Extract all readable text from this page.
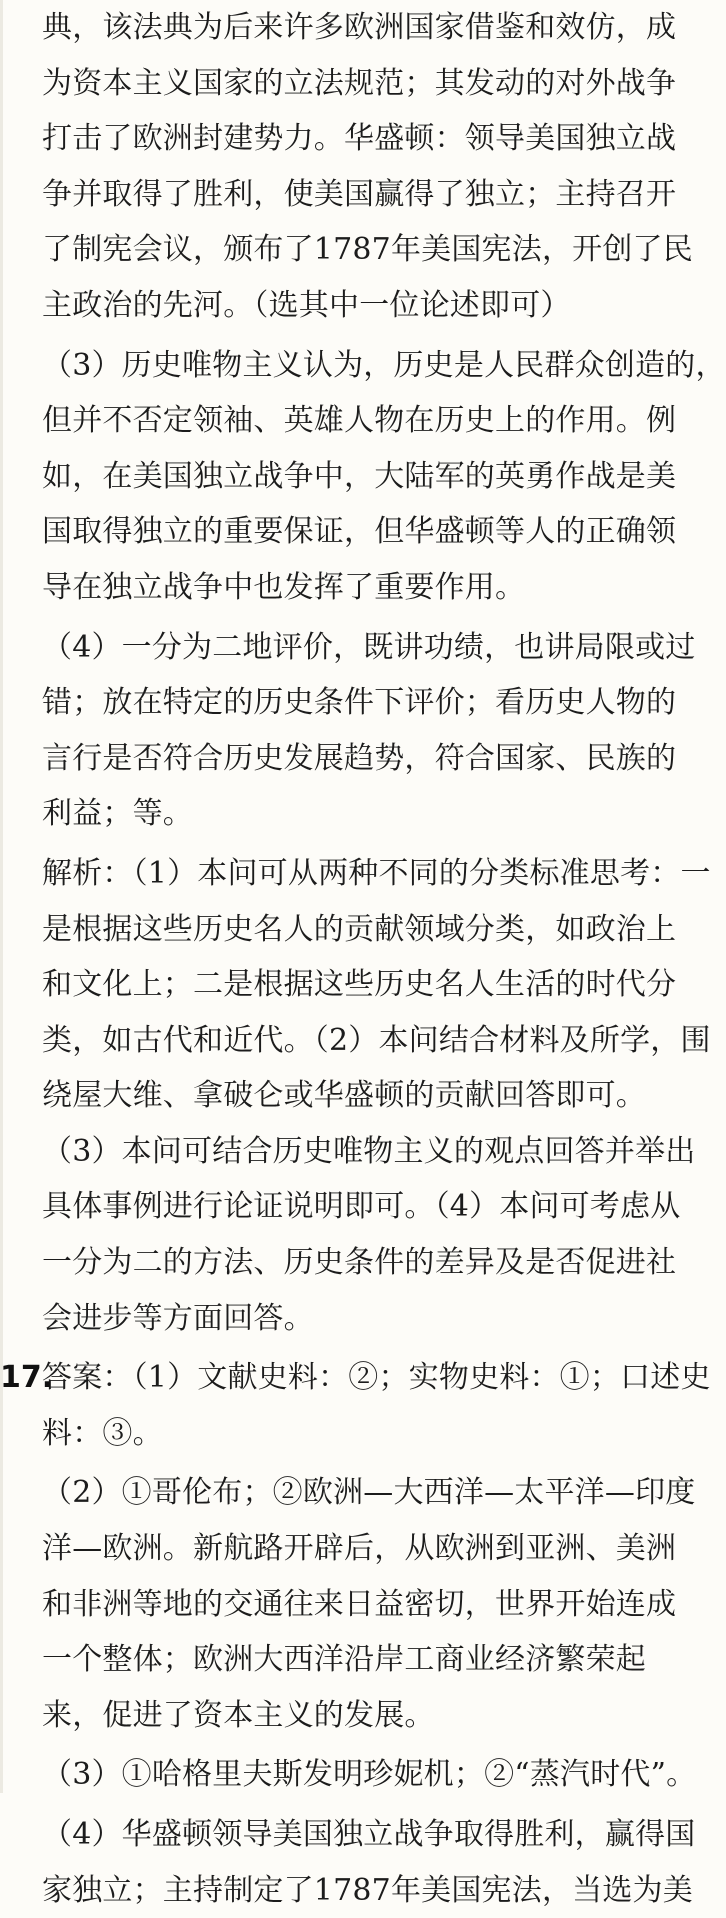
典，该法典为后来许多欧洲国家借鉴和效仿，成
为资本主义国家的立法规范；其发动的对外战争
打击了欧洲封建势力。华盛顿：领导美国独立战
争并取得了胜利，使美国赢得了独立；主持召开
了制宪会议，颁布了1787年美国宪法，开创了民
主政治的先河。（选其中一位论述即可）
（3）历史唯物主义认为，历史是人民群众创造的，
但并不否定领袖、英雄人物在历史上的作用。例
如，在美国独立战争中，大陆军的英勇作战是美
国取得独立的重要保证，但华盛顿等人的正确领
导在独立战争中也发挥了重要作用。
（4）一分为二地评价，既讲功绩，也讲局限或过
错；放在特定的历史条件下评价；看历史人物的
言行是否符合历史发展趋势，符合国家、民族的
利益；等。
解析：（1）本问可从两种不同的分类标准思考：一
是根据这些历史名人的贡献领域分类，如政治上
和文化上；二是根据这些历史名人生活的时代分
类，如古代和近代。（2）本问结合材料及所学，围
绕屋大维、拿破仑或华盛顿的贡献回答即可。
（3）本问可结合历史唯物主义的观点回答并举出
具体事例进行论证说明即可。（4）本问可考虑从
一分为二的方法、历史条件的差异及是否促进社
会进步等方面回答。
17.
答案：（1）文献史料：②；实物史料：①；口述史
料：③。
（2）①哥伦布；②欧洲—大西洋—太平洋—印度
洋—欧洲。新航路开辟后，从欧洲到亚洲、美洲
和非洲等地的交通往来日益密切，世界开始连成
一个整体；欧洲大西洋沿岸工商业经济繁荣起
来，促进了资本主义的发展。
（3）①哈格里夫斯发明珍妮机；②“蒸汽时代”。
（4）华盛顿领导美国独立战争取得胜利，赢得国
家独立；主持制定了1787年美国宪法，当选为美
